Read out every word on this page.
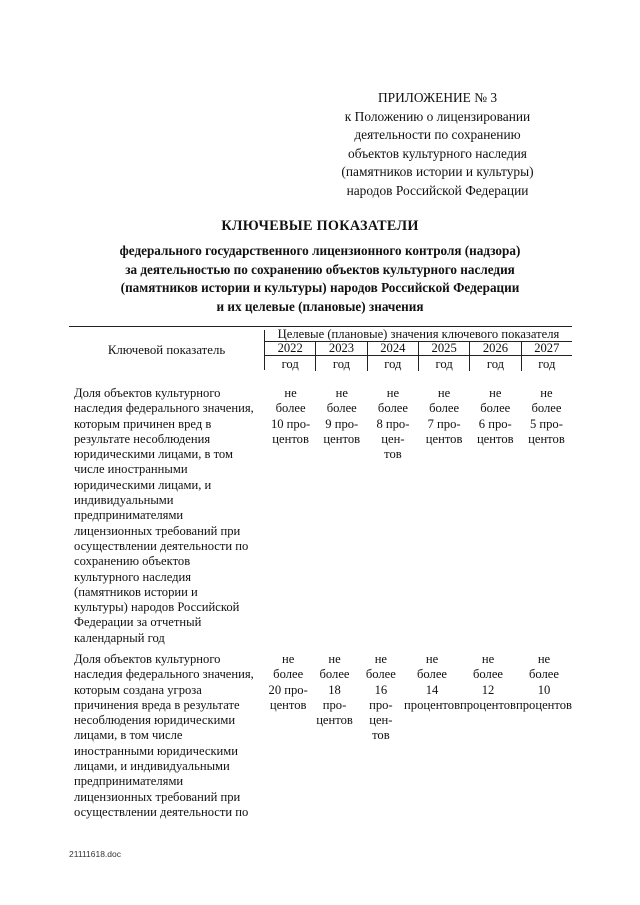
ПРИЛОЖЕНИЕ № 3
к Положению о лицензировании
деятельности по сохранению
объектов культурного наследия
(памятников истории и культуры)
народов Российской Федерации
КЛЮЧЕВЫЕ ПОКАЗАТЕЛИ
федерального государственного лицензионного контроля (надзора)
за деятельностью по сохранению объектов культурного наследия
(памятников истории и культуры) народов Российской Федерации
и их целевые (плановые) значения
Ключевой показатель
Целевые (плановые) значения ключевого показателя
2022
год
2023
год
2024
год
2025
год
2026
год
2027
год
Доля объектов культурного
наследия федерального значения,
которым причинен вред в
результате несоблюдения
юридическими лицами, в том
числе иностранными
юридическими лицами, и
индивидуальными
предпринимателями
лицензионных требований при
осуществлении деятельности по
сохранению объектов
культурного наследия
(памятников истории и
культуры) народов Российской
Федерации за отчетный
календарный год
не
более
10 про-
центов
не
более
9 про-
центов
не
более
8 про-
цен-
тов
не
более
7 про-
центов
не
более
6 про-
центов
не
более
5 про-
центов
Доля объектов культурного
наследия федерального значения,
которым создана угроза
причинения вреда в результате
несоблюдения юридическими
лицами, в том числе
иностранными юридическими
лицами, и индивидуальными
предпринимателями
лицензионных требований при
осуществлении деятельности по
не
более
20 про-
центов
не
более
18
про-
центов
не
более
16
про-
цен-
тов
не
более
14
процентов
не
более
12
процентов
не
более
10
процентов
21111618.doc
